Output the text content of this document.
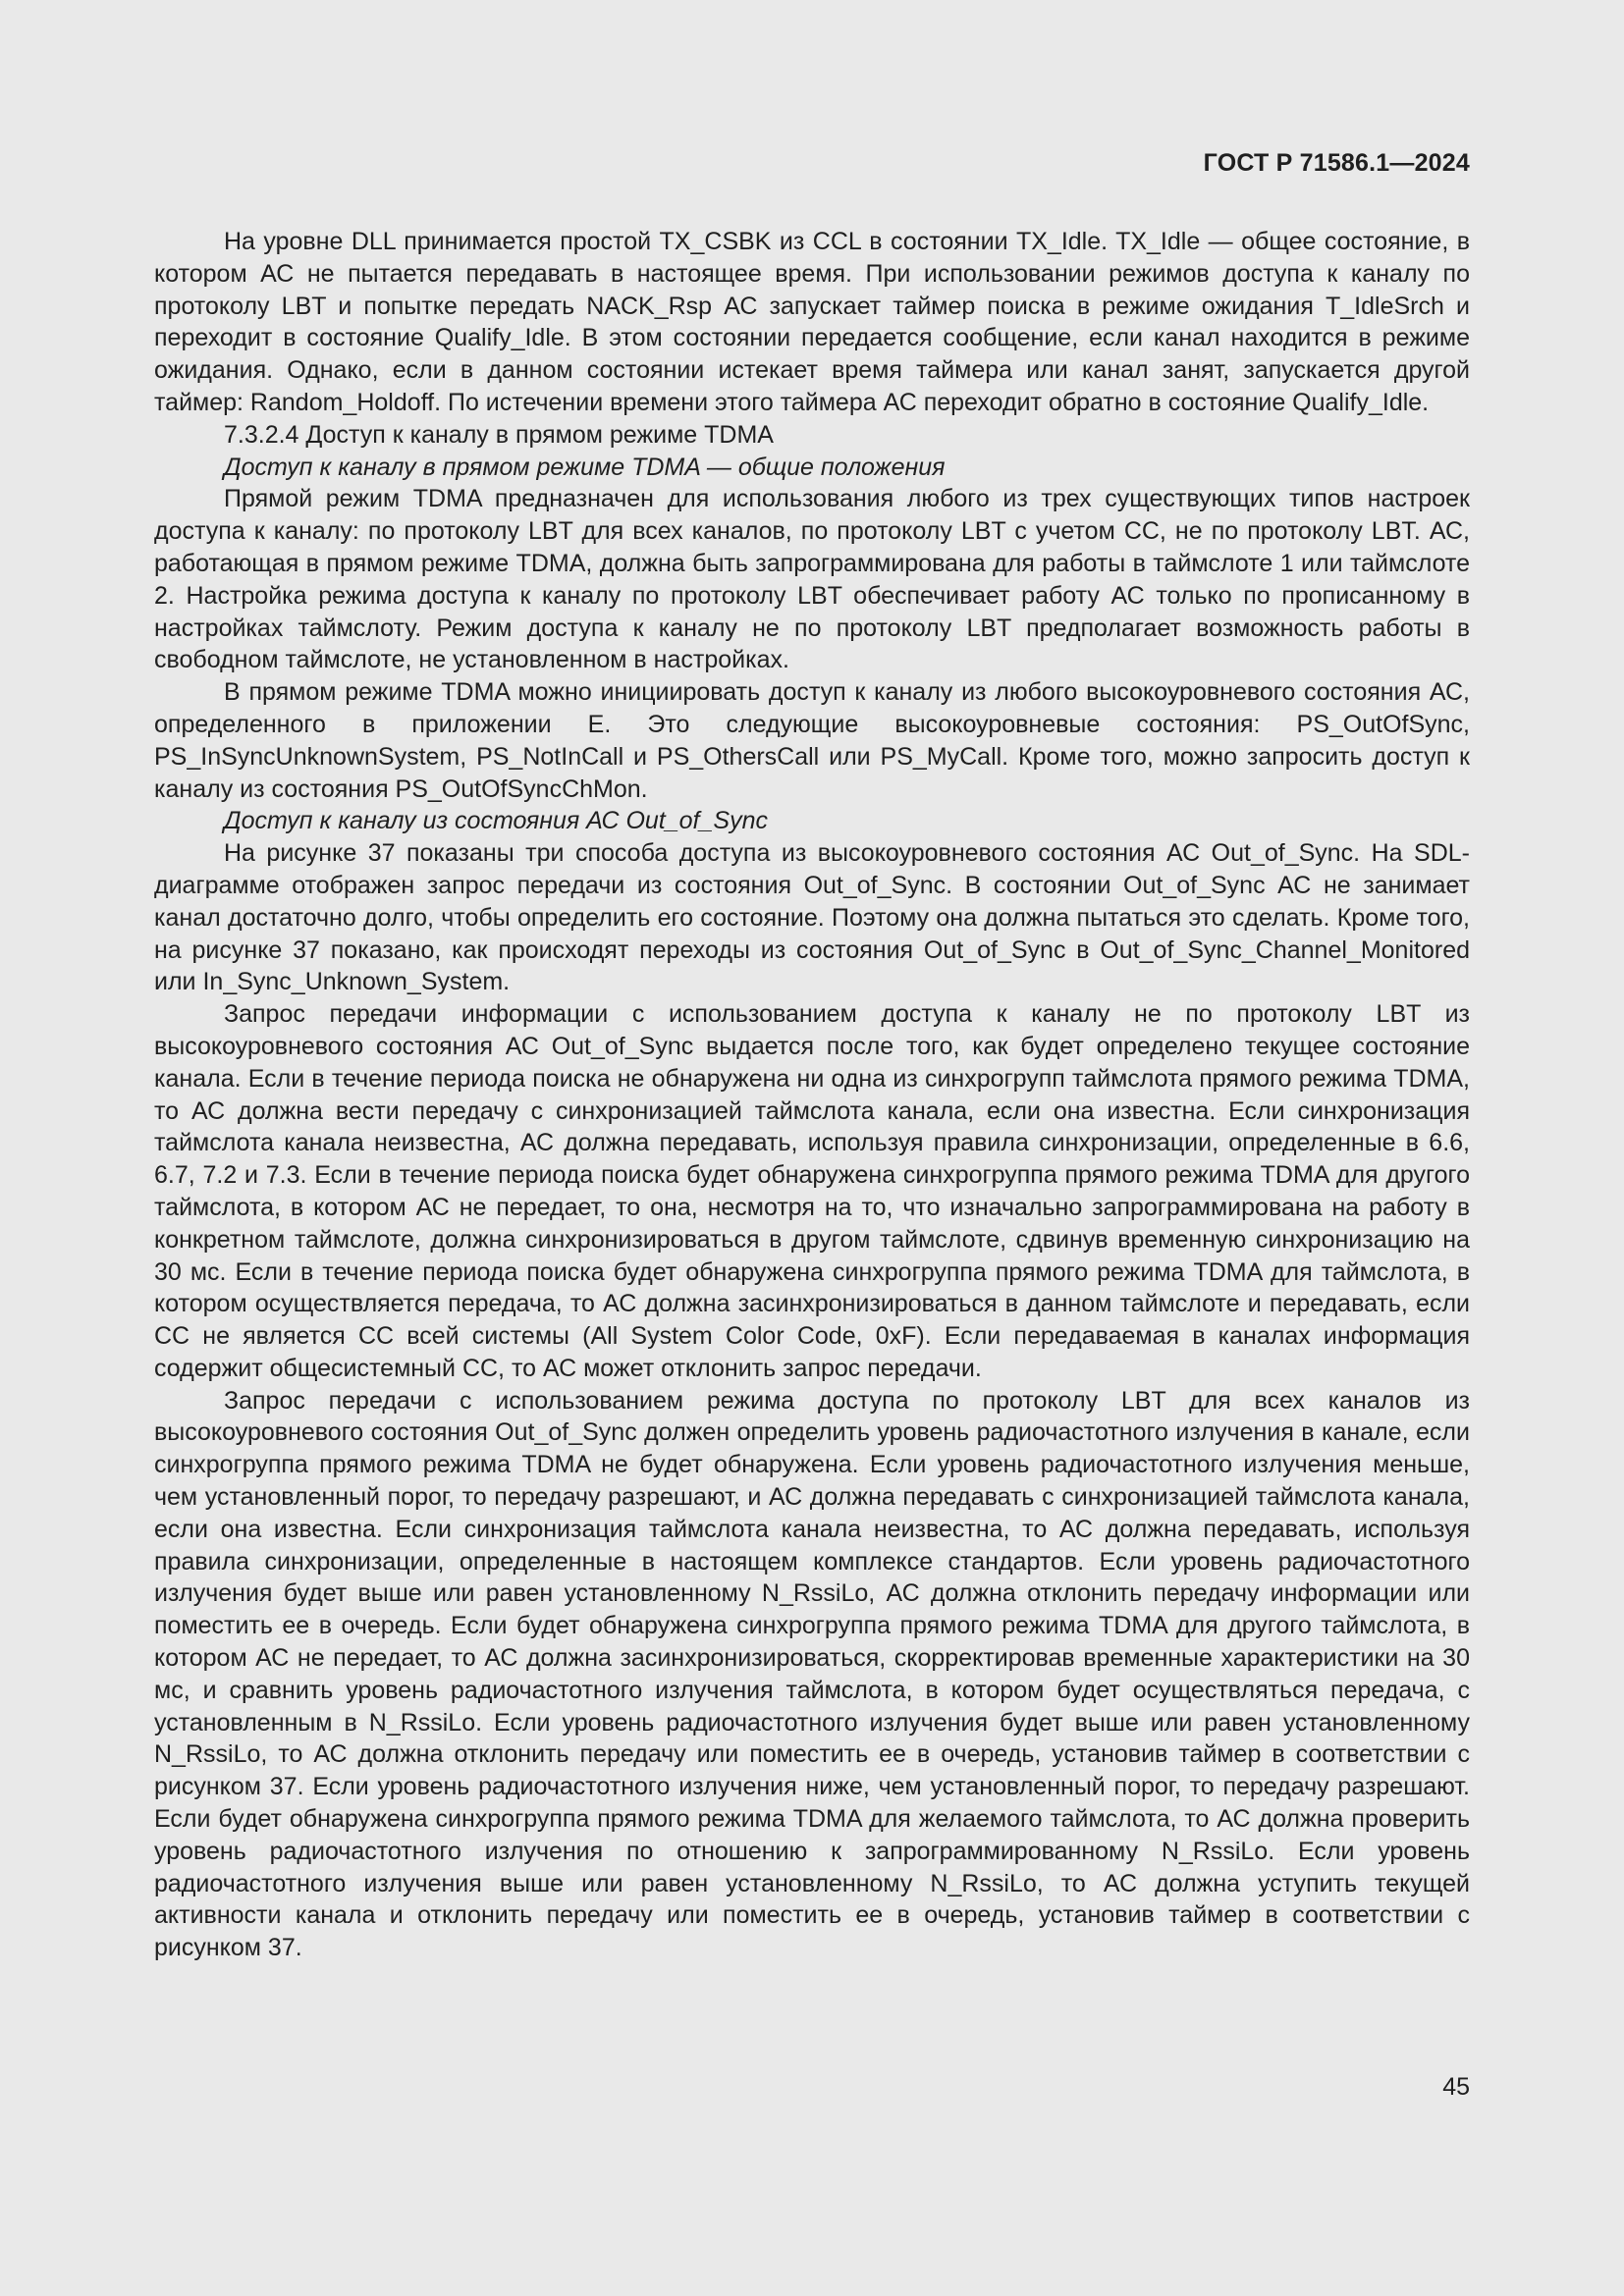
ГОСТ Р 71586.1—2024

На уровне DLL принимается простой TX_CSBK из CCL в состоянии TX_Idle. TX_Idle — общее состояние, в котором АС не пытается передавать в настоящее время. При использовании режимов доступа к каналу по протоколу LBT и попытке передать NACK_Rsp АС запускает таймер поиска в режиме ожидания T_IdleSrch и переходит в состояние Qualify_Idle. В этом состоянии передается сообщение, если канал находится в режиме ожидания. Однако, если в данном состоянии истекает время таймера или канал занят, запускается другой таймер: Random_Holdoff. По истечении времени этого таймера АС переходит обратно в состояние Qualify_Idle.

7.3.2.4 Доступ к каналу в прямом режиме TDMA

Доступ к каналу в прямом режиме TDMA — общие положения

Прямой режим TDMA предназначен для использования любого из трех существующих типов настроек доступа к каналу: по протоколу LBT для всех каналов, по протоколу LBT с учетом СС, не по протоколу LBT. АС, работающая в прямом режиме TDMA, должна быть запрограммирована для работы в таймслоте 1 или таймслоте 2. Настройка режима доступа к каналу по протоколу LBT обеспечивает работу АС только по прописанному в настройках таймслоту. Режим доступа к каналу не по протоколу LBT предполагает возможность работы в свободном таймслоте, не установленном в настройках.

В прямом режиме TDMA можно инициировать доступ к каналу из любого высокоуровневого состояния АС, определенного в приложении Е. Это следующие высокоуровневые состояния: PS_OutOfSync, PS_InSyncUnknownSystem, PS_NotInCall и PS_OthersCall или PS_MyCall. Кроме того, можно запросить доступ к каналу из состояния PS_OutOfSyncChMon.

Доступ к каналу из состояния АС Out_of_Sync

На рисунке 37 показаны три способа доступа из высокоуровневого состояния АС Out_of_Sync. На SDL-диаграмме отображен запрос передачи из состояния Out_of_Sync. В состоянии Out_of_Sync АС не занимает канал достаточно долго, чтобы определить его состояние. Поэтому она должна пытаться это сделать. Кроме того, на рисунке 37 показано, как происходят переходы из состояния Out_of_Sync в Out_of_Sync_Channel_Monitored или In_Sync_Unknown_System.

Запрос передачи информации с использованием доступа к каналу не по протоколу LBT из высокоуровневого состояния АС Out_of_Sync выдается после того, как будет определено текущее состояние канала. Если в течение периода поиска не обнаружена ни одна из синхрогрупп таймслота прямого режима TDMA, то АС должна вести передачу с синхронизацией таймслота канала, если она известна. Если синхронизация таймслота канала неизвестна, АС должна передавать, используя правила синхронизации, определенные в 6.6, 6.7, 7.2 и 7.3. Если в течение периода поиска будет обнаружена синхрогруппа прямого режима TDMA для другого таймслота, в котором АС не передает, то она, несмотря на то, что изначально запрограммирована на работу в конкретном таймслоте, должна синхронизироваться в другом таймслоте, сдвинув временную синхронизацию на 30 мс. Если в течение периода поиска будет обнаружена синхрогруппа прямого режима TDMA для таймслота, в котором осуществляется передача, то АС должна засинхронизироваться в данном таймслоте и передавать, если СС не является СС всей системы (All System Color Code, 0xF). Если передаваемая в каналах информация содержит общесистемный СС, то АС может отклонить запрос передачи.

Запрос передачи с использованием режима доступа по протоколу LBT для всех каналов из высокоуровневого состояния Out_of_Sync должен определить уровень радиочастотного излучения в канале, если синхрогруппа прямого режима TDMA не будет обнаружена. Если уровень радиочастотного излучения меньше, чем установленный порог, то передачу разрешают, и АС должна передавать с синхронизацией таймслота канала, если она известна. Если синхронизация таймслота канала неизвестна, то АС должна передавать, используя правила синхронизации, определенные в настоящем комплексе стандартов. Если уровень радиочастотного излучения будет выше или равен установленному N_RssiLo, АС должна отклонить передачу информации или поместить ее в очередь. Если будет обнаружена синхрогруппа прямого режима TDMA для другого таймслота, в котором АС не передает, то АС должна засинхронизироваться, скорректировав временные характеристики на 30 мс, и сравнить уровень радиочастотного излучения таймслота, в котором будет осуществляться передача, с установленным в N_RssiLo. Если уровень радиочастотного излучения будет выше или равен установленному N_RssiLo, то АС должна отклонить передачу или поместить ее в очередь, установив таймер в соответствии с рисунком 37. Если уровень радиочастотного излучения ниже, чем установленный порог, то передачу разрешают. Если будет обнаружена синхрогруппа прямого режима TDMA для желаемого таймслота, то АС должна проверить уровень радиочастотного излучения по отношению к запрограммированному N_RssiLo. Если уровень радиочастотного излучения выше или равен установленному N_RssiLo, то АС должна уступить текущей активности канала и отклонить передачу или поместить ее в очередь, установив таймер в соответствии с рисунком 37.

45
